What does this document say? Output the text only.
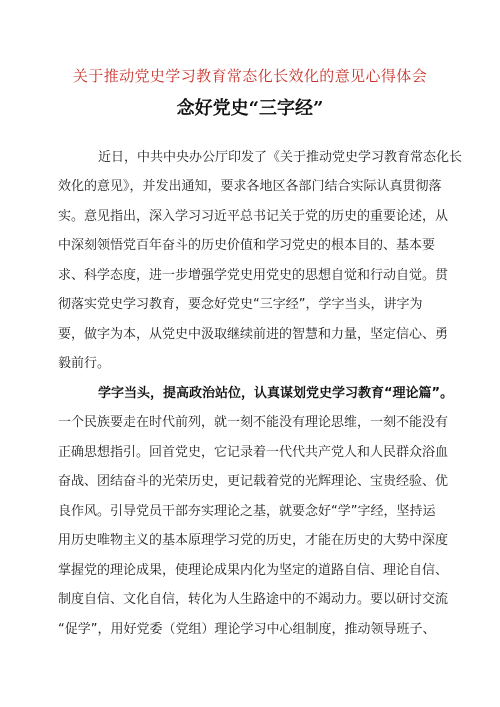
关于推动党史学习教育常态化长效化的意见心得体会
念好党史“三字经”
近日，中共中央办公厅印发了《关于推动党史学习教育常态化长
效化的意见》，并发出通知，要求各地区各部门结合实际认真贯彻落
实。意见指出，深入学习习近平总书记关于党的历史的重要论述，从
中深刻领悟党百年奋斗的历史价值和学习党史的根本目的、基本要
求、科学态度，进一步增强学党史用党史的思想自觉和行动自觉。贯
彻落实党史学习教育，要念好党史“三字经”，学字当头，讲字为
要，做字为本，从党史中汲取继续前进的智慧和力量，坚定信心、勇
毅前行。
学字当头，提高政治站位，认真谋划党史学习教育“理论篇”。
一个民族要走在时代前列，就一刻不能没有理论思维，一刻不能没有
正确思想指引。回首党史，它记录着一代代共产党人和人民群众浴血
奋战、团结奋斗的光荣历史，更记载着党的光辉理论、宝贵经验、优
良作风。引导党员干部夯实理论之基，就要念好“学”字经，坚持运
用历史唯物主义的基本原理学习党的历史，才能在历史的大势中深度
掌握党的理论成果，使理论成果内化为坚定的道路自信、理论自信、
制度自信、文化自信，转化为人生路途中的不竭动力。要以研讨交流
“促学”，用好党委（党组）理论学习中心组制度，推动领导班子、
